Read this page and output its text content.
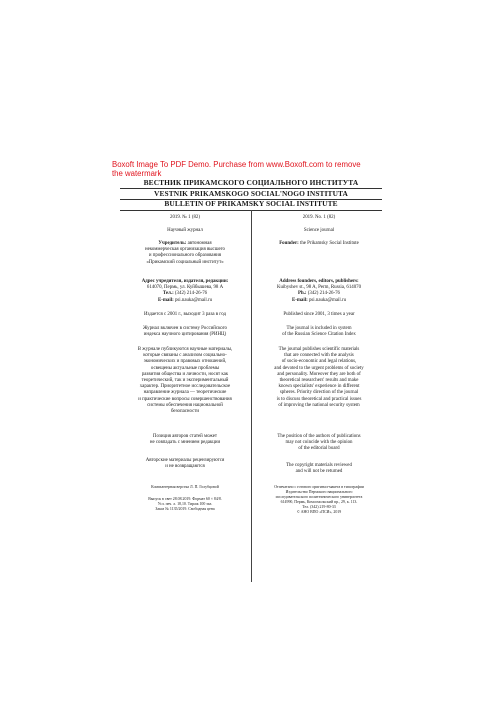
Boxoft Image To PDF Demo. Purchase from www.Boxoft.com to remove
the watermark
ВЕСТНИК ПРИКАМСКОГО СОЦИАЛЬНОГО ИНСТИТУТА
VESTNIK PRIKAMSKOGO SOCIAL'NOGO INSTITUTA
BULLETIN OF PRIKAMSKY SOCIAL INSTITUTE

2019. № 1 (82)

Научный журнал

Учредитель: автономная

некоммерческая организация высшего

и профессионального образования

«Прикамский социальный институт»

Адрес учредителя, издателя, редакции:

614070, Пермь, ул. Куйбышева, 98 А

Тел.: (342) 214-26-76

E-mail: psi.nauka@mail.ru

Издается с 2001 г., выходит 3 раза в год

Журнал включен в систему Российского

индекса научного цитирования (РИНЦ)

В журнале публикуются научные материалы,

которые связаны с анализом социально-

экономических и правовых отношений,

освещены актуальные проблемы

развития общества и личности, носят как

теоретический, так и экспериментальный

характер. Приоритетное исследовательское

направление журнала — теоретические

и практические вопросы совершенствования

системы обеспечения национальной

безопасности

Позиция авторов статей может

не совпадать с мнением редакции

Авторские материалы рецензируются

и не возвращаются

Компьютерная верстка Л. П. Голубцовой

Выпуск в свет 28.08.2019. Формат 60 × 84/8.

Усл. печ. л. 18,10. Тираж 100 экз.

Заказ № 1135/2019. Свободная цена

2019. No. 1 (82)

Science journal

Founder: the Prikamsky Social Institute

Address founders, editors, publishers:

Kuibyshev st., 98 A, Perm, Russia, 614070

Ph.: (342) 214-26-76

E-mail: psi.nauka@mail.ru

Published since 2001, 3 times a year

The journal is included in system

of the Russian Science Citation Index

The journal publishes scientific materials

that are connected with the analysis

of socio-economic and legal relations,

and devoted to the urgent problems of society

and personality. Moreover they are both of

theoretical researchers' results and make

known specialists' experience in different

spheres. Priority direction of the journal

is to discuss theoretical and practical issues

of improving the national security system

The position of the authors of publications

may not coincide with the opinion

of the editorial board

The copyright materials reviewed

and will not be returned

Отпечатано с готового оригинал-макета в типографии

Издательство Пермского национального

исследовательского политехнического университета

614990, Пермь, Комсомольский пр., 29, к. 113.

Тел. (342) 219-80-33

© АНО ВПО «ПСИ», 2019
